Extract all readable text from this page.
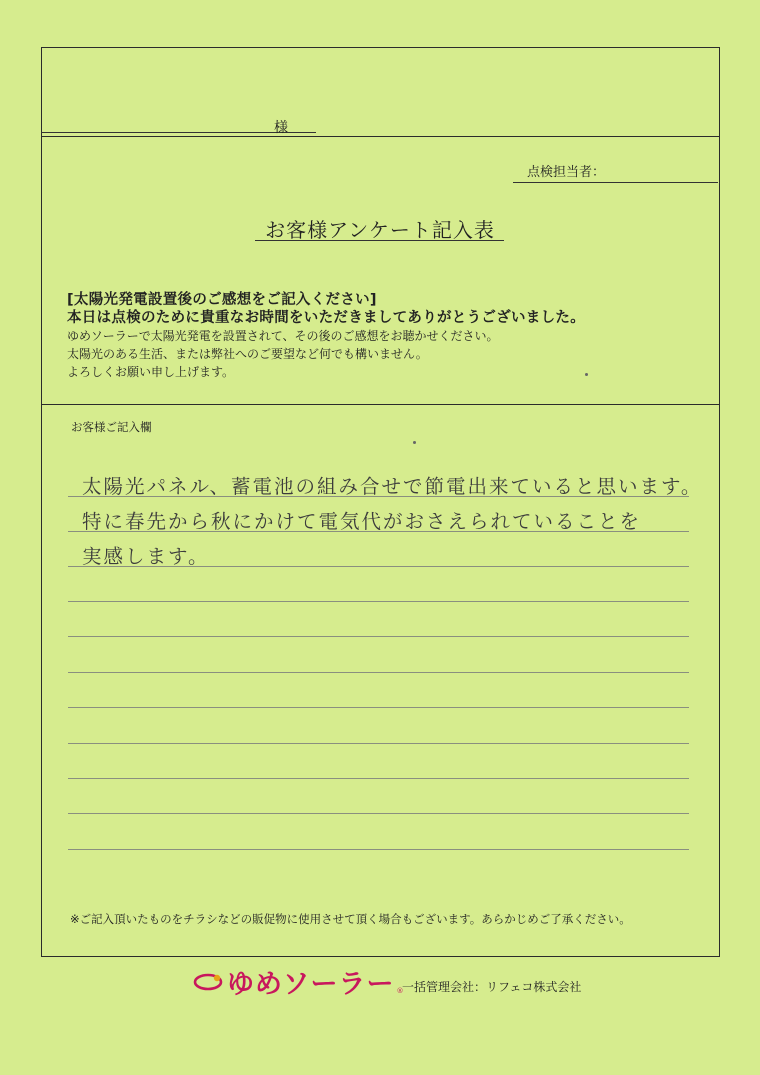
様
点検担当者：
お客様アンケート記入表
[太陽光発電設置後のご感想をご記入ください]
本日は点検のために貴重なお時間をいただきましてありがとうございました。
ゆめソーラーで太陽光発電を設置されて、その後のご感想をお聴かせください。
太陽光のある生活、または弊社へのご要望など何でも構いません。
よろしくお願い申し上げます。
お客様ご記入欄
太陽光パネル、蓄電池の組み合せで節電出来ていると思います。
特に春先から秋にかけて電気代がおさえられていることを
実感します。
※ご記入頂いたものをチラシなどの販促物に使用させて頂く場合もございます。あらかじめご了承ください。
ゆめソーラー ®
一括管理会社：リフェコ株式会社
